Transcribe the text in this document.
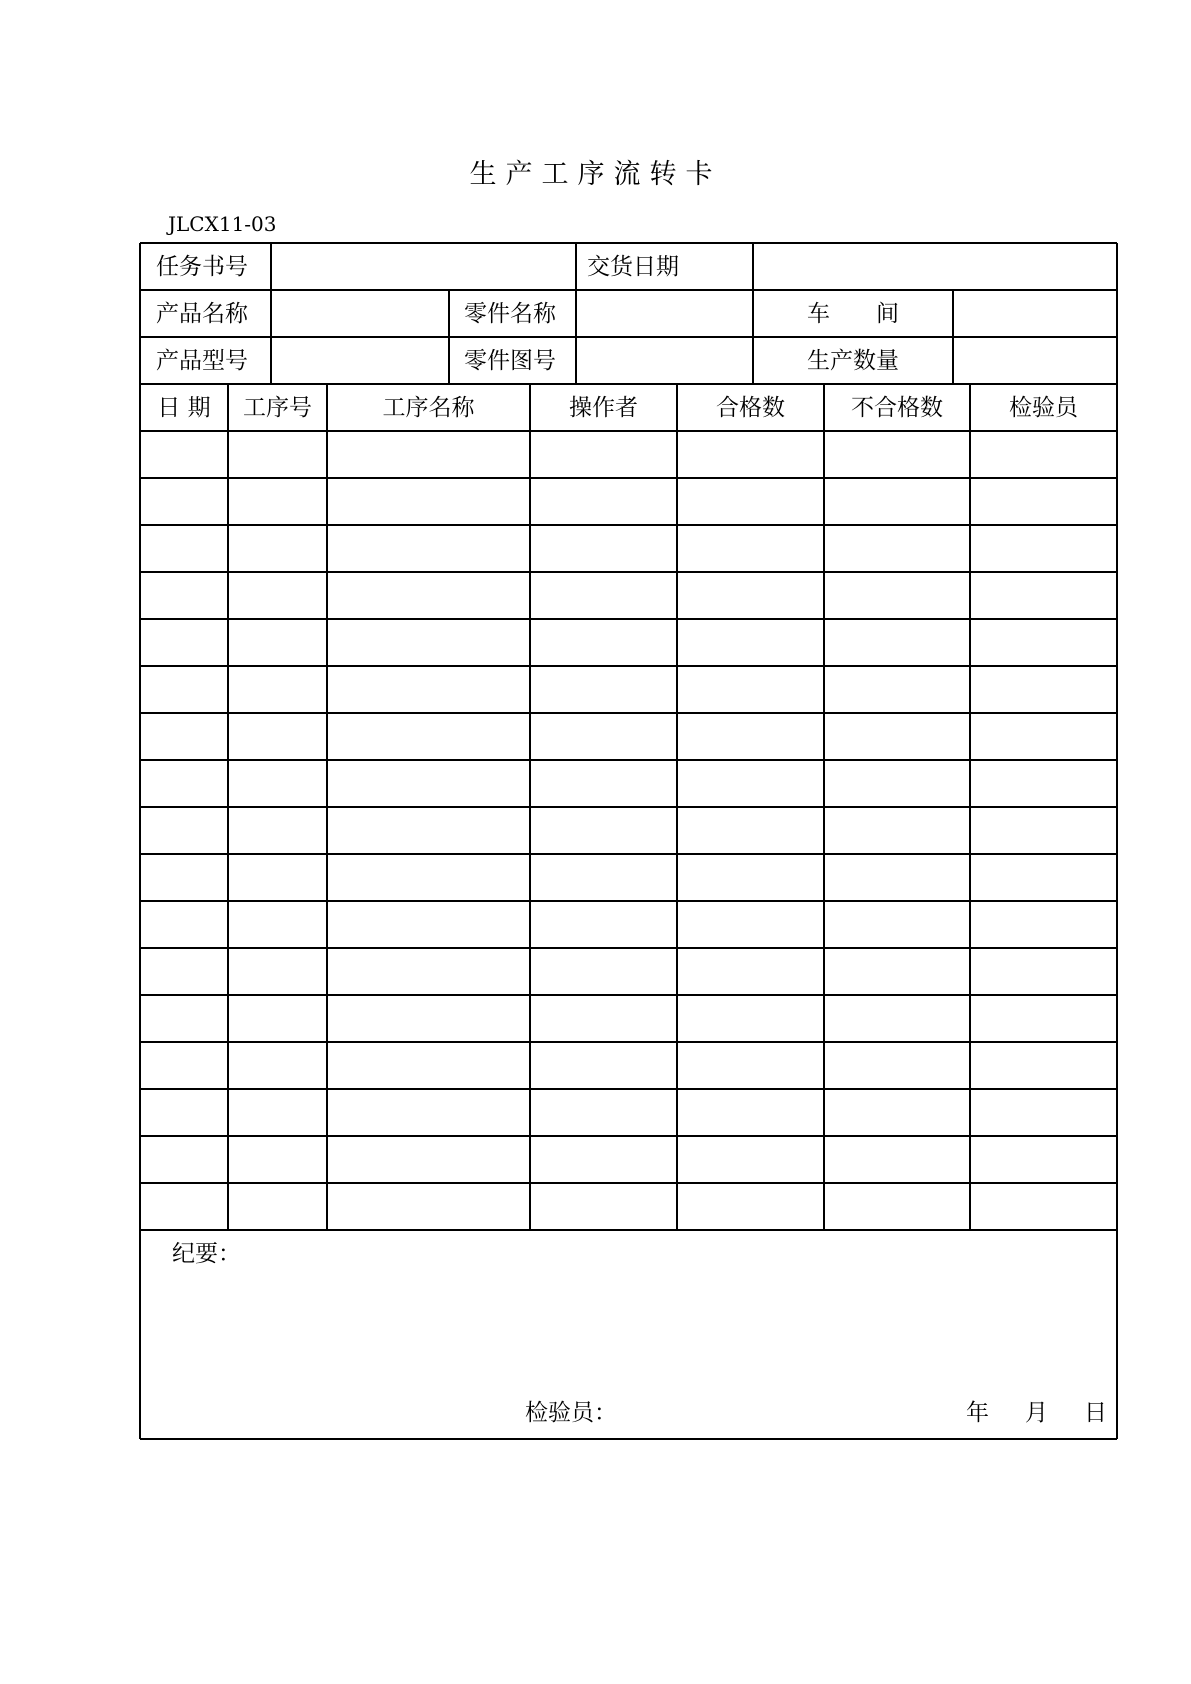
生产工序流转卡
JLCX11-03
任务书号	交货日期
产品名称	零件名称	车　　间
产品型号	零件图号	生产数量
日 期	工序号	工序名称	操作者	合格数	不合格数	检验员
纪要：
检验员：	年 月 日
